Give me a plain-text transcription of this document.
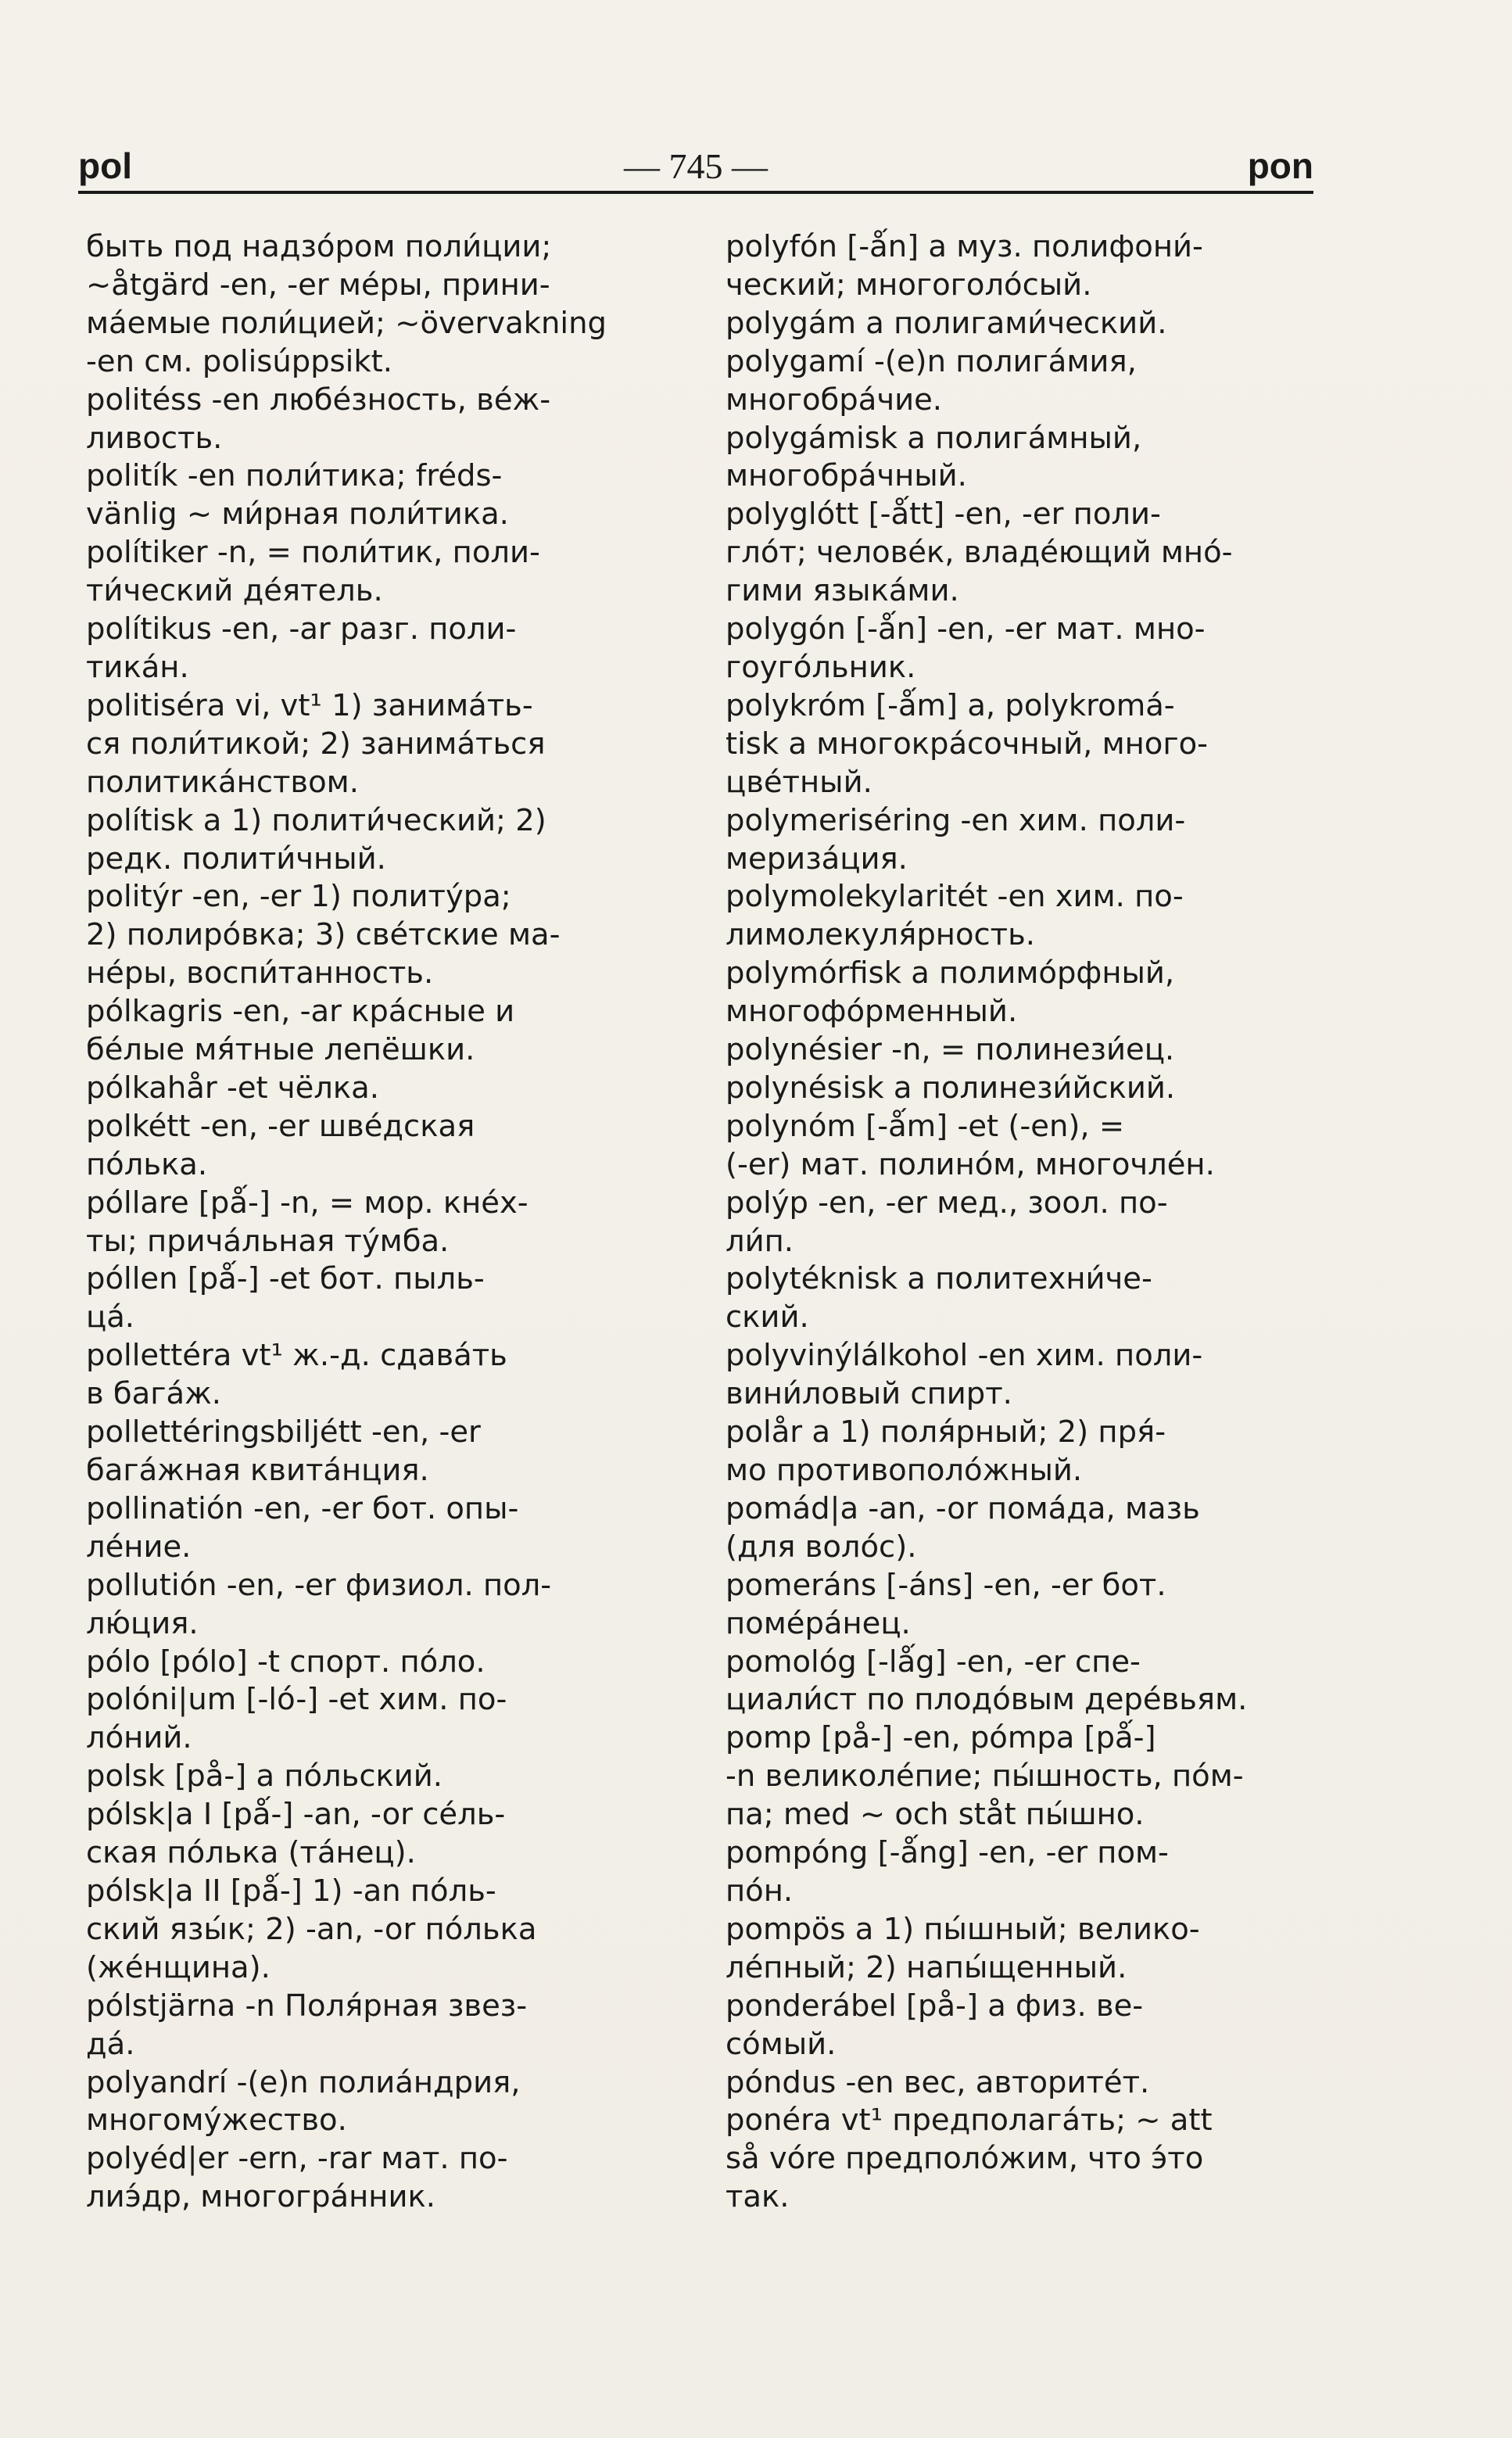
pol	— 745 —	pon
быть под надзо́ром поли́ции;
~åtgärd -en, -er ме́ры, прини-
ма́емые поли́цией; ~övervakning
-en см. polisúppsikt.
politéss -en любе́зность, ве́ж-
ливость.
politík -en поли́тика; fréds-
vänlig ~ ми́рная поли́тика.
polítiker -n, = поли́тик, поли-
ти́ческий де́ятель.
polítikus -en, -ar разг. поли-
тика́н.
politiséra vi, vt¹ 1) занима́ть-
ся поли́тикой; 2) занима́ться
политика́нством.
polítisk a 1) полити́ческий; 2)
редк. полити́чный.
politýr -en, -er 1) политу́ра;
2) полиро́вка; 3) све́тские ма-
не́ры, воспи́танность.
pólkagris -en, -ar кра́сные и
бе́лые мя́тные лепёшки.
pólkahår -et чёлка.
polkétt -en, -er шве́дская
по́лька.
póllare [pǻ-] -n, = мор. кне́х-
ты; прича́льная ту́мба.
póllen [pǻ-] -et бот. пыль-
ца́.
pollettéra vt¹ ж.-д. сдава́ть
в бага́ж.
pollettéringsbiljétt -en, -er
бага́жная квита́нция.
pollinatión -en, -er бот. опы-
ле́ние.
pollutión -en, -er физиол. пол-
лю́ция.
pólo [pólo] -t спорт. по́ло.
polóni|um [-ló-] -et хим. по-
ло́ний.
polsk [på-] a по́льский.
pólsk|a I [pǻ-] -an, -or се́ль-
ская по́лька (та́нец).
pólsk|a II [pǻ-] 1) -an по́ль-
ский язы́к; 2) -an, -or по́лька
(же́нщина).
pólstjärna -n Поля́рная звез-
да́.
polyandrí -(e)n полиа́ндрия,
многому́жество.
polyéd|er -ern, -rar мат. по-
лиэ́др, многогра́нник.
polyfón [-ǻn] a муз. полифони́-
ческий; многоголо́сый.
polygám a полигами́ческий.
polygamí -(e)n полига́мия,
многобра́чие.
polygámisk a полига́мный,
многобра́чный.
polyglótt [-ǻtt] -en, -er поли-
гло́т; челове́к, владе́ющий мно́-
гими языка́ми.
polygón [-ǻn] -en, -er мат. мно-
гоуго́льник.
polykróm [-ǻm] a, polykromá-
tisk a многокра́сочный, много-
цве́тный.
polymeriséring -en хим. поли-
мериза́ция.
polymolekylaritét -en хим. по-
лимолекуля́рность.
polymórfisk a полимо́рфный,
многофо́рменный.
polynésier -n, = полинези́ец.
polynésisk a полинези́йский.
polynóm [-ǻm] -et (-en), =
(-er) мат. полино́м, многочле́н.
polýp -en, -er мед., зоол. по-
ли́п.
polytéknisk a политехни́че-
ский.
polyvinýlálkohol -en хим. поли-
вини́ловый спирт.
polår a 1) поля́рный; 2) пря́-
мо противополо́жный.
pomád|a -an, -or пома́да, мазь
(для воло́с).
pomeráns [-áns] -en, -er бот.
поме́ра́нец.
pomológ [-lǻg] -en, -er спе-
циали́ст по плодо́вым дере́вьям.
pomp [på-] -en, pómpa [pǻ-]
-n великоле́пие; пы́шность, по́м-
па; med ~ och ståt пы́шно.
pompóng [-ǻng] -en, -er пом-
по́н.
pompös a 1) пы́шный; велико-
ле́пный; 2) напы́щенный.
ponderábel [på-] a физ. ве-
со́мый.
póndus -en вес, авторите́т.
ponéra vt¹ предполага́ть; ~ att
så vóre предполо́жим, что э́то
так.
